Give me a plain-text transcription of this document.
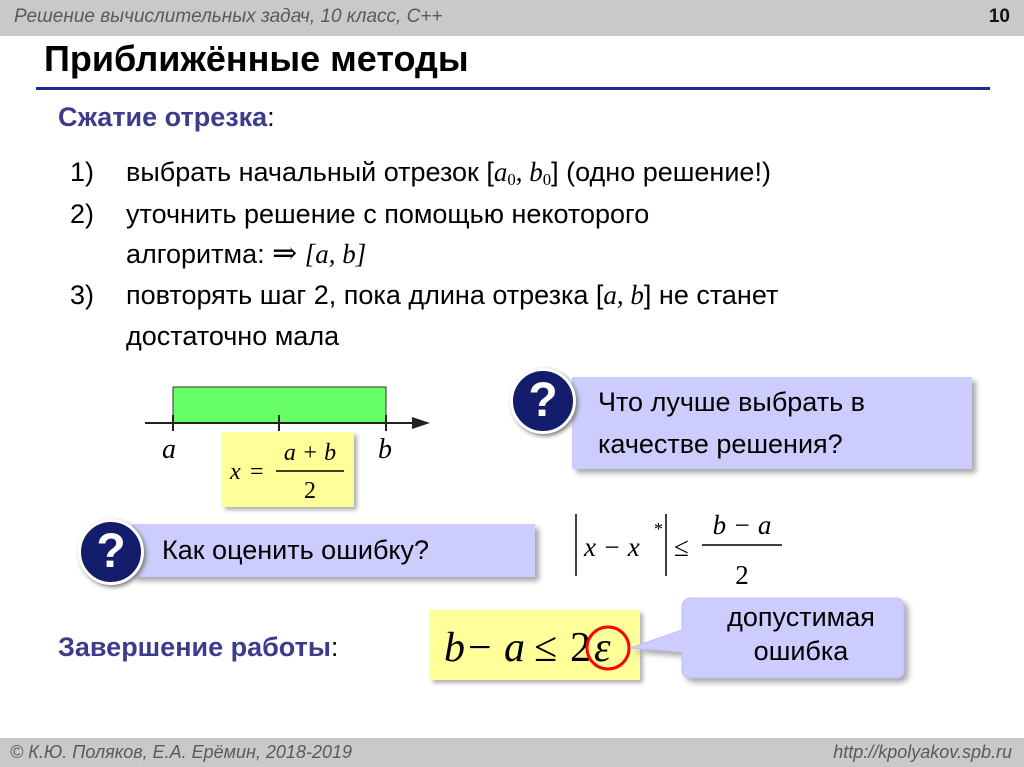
Решение вычислительных задач, 10 класс, С++	10
Приближённые методы
Сжатие отрезка:
1) выбрать начальный отрезок [$a_0$, $b_0$] (одно решение!)
2) уточнить решение с помощью некоторого
алгоритма: ⇒ [a, b]
3) повторять шаг 2, пока длина отрезка [a, b] не станет
достаточно мала
a	b
x =
a + b
2
Что лучше выбрать в
качестве решения?
?
Как оценить ошибку?
?	x − x
*
≤
b − a
2
Завершение работы:	b − a ≤ 2 ε
допустимая
ошибка
© К.Ю. Поляков, Е.А. Ерёмин, 2018-2019	http://kpolyakov.spb.ru
